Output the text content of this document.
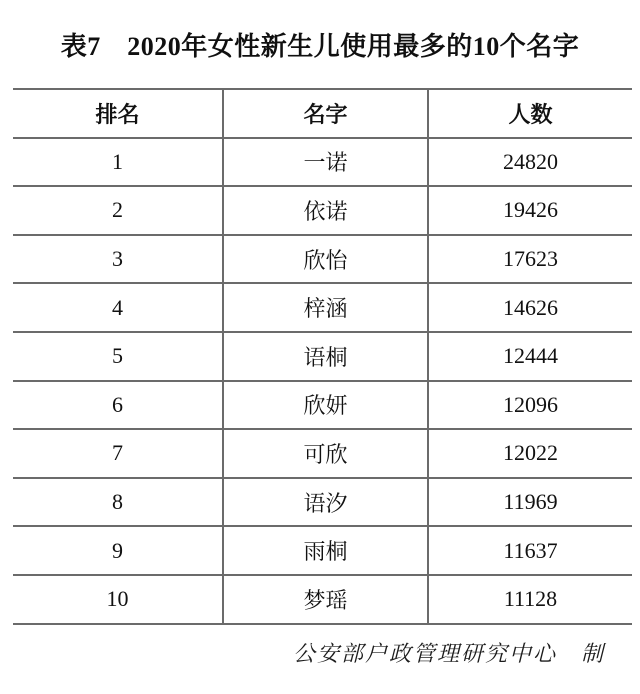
表7　2020年女性新生儿使用最多的10个名字
排名	名字	人数
1	一诺	24820
2	依诺	19426
3	欣怡	17623
4	梓涵	14626
5	语桐	12444
6	欣妍	12096
7	可欣	12022
8	语汐	11969
9	雨桐	11637
10	梦瑶	11128
公安部户政管理研究中心　制
